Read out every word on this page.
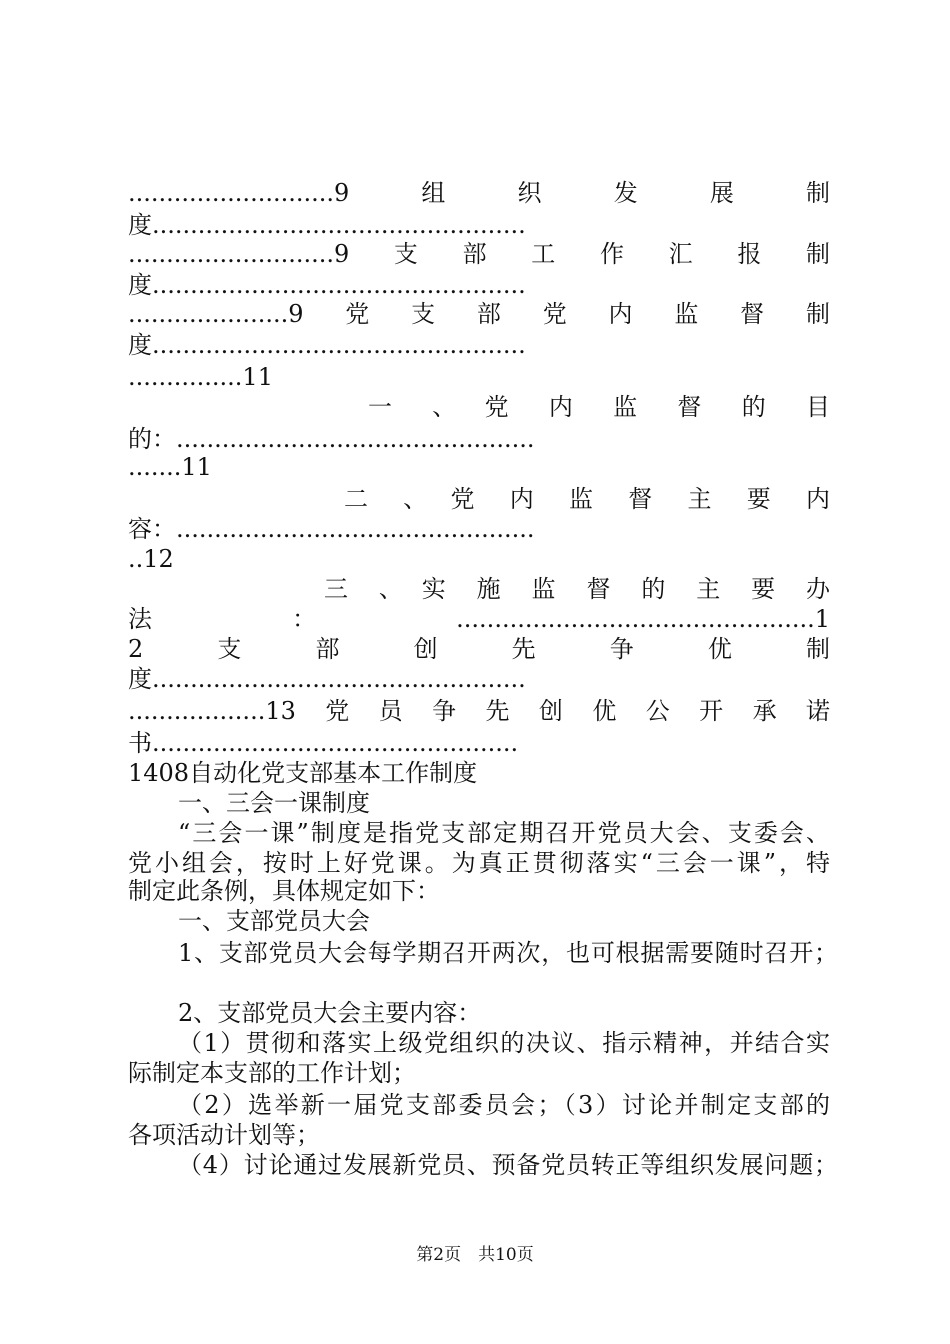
...........................9　组　织　发　展　制
度.................................................
...........................9　支　部　工　作　汇　报　制
度.................................................
.....................9　党　支　部　党　内　监　督　制
度.................................................
...............11
一　、　党　内　监　督　的　目
的：...............................................
.......11
二　、　党　内　监　督　主　要　内
容：...............................................
..12
三　、　实　施　监　督　的　主　要　办
法：...............................................1
2　支　部　创　先　争　优　制
度.................................................
..................13　党　员　争　先　创　优　公　开　承　诺
书................................................
1408自动化党支部基本工作制度
一、三会一课制度
“三会一课”制度是指党支部定期召开党员大会、支委会、
党小组会，按时上好党课。为真正贯彻落实“三会一课”，特
制定此条例，具体规定如下：
一、支部党员大会
1、支部党员大会每学期召开两次，也可根据需要随时召开；
2、支部党员大会主要内容：
（1）贯彻和落实上级党组织的决议、指示精神，并结合实
际制定本支部的工作计划；
（2）选举新一届党支部委员会；（3）讨论并制定支部的
各项活动计划等；
（4）讨论通过发展新党员、预备党员转正等组织发展问题；
第2页　共10页
